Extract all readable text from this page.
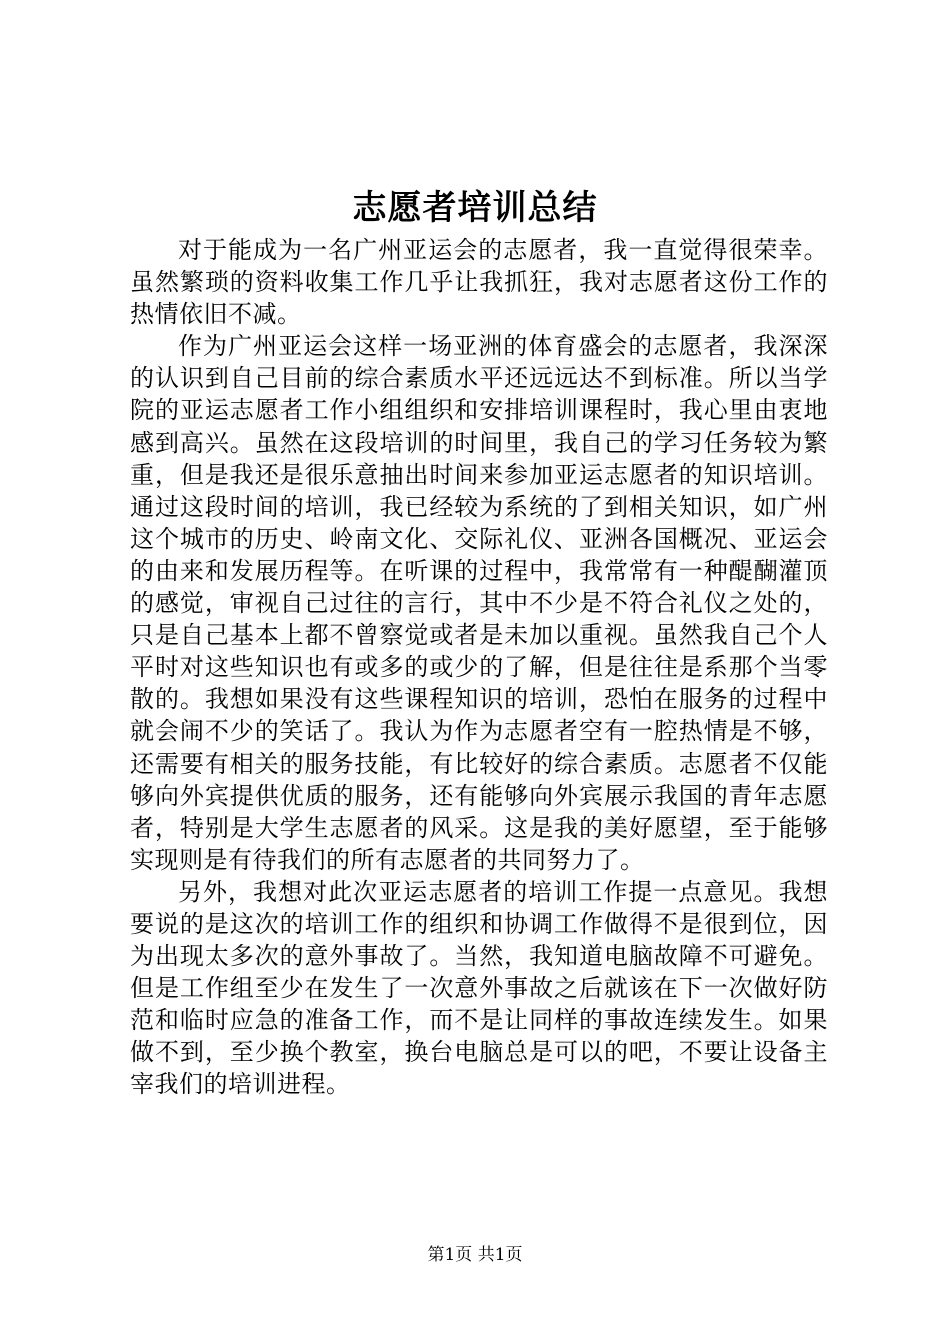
志愿者培训总结

对于能成为一名广州亚运会的志愿者，我一直觉得很荣幸。虽然繁琐的资料收集工作几乎让我抓狂，我对志愿者这份工作的热情依旧不减。

作为广州亚运会这样一场亚洲的体育盛会的志愿者，我深深的认识到自己目前的综合素质水平还远远达不到标准。所以当学院的亚运志愿者工作小组组织和安排培训课程时，我心里由衷地感到高兴。虽然在这段培训的时间里，我自己的学习任务较为繁重，但是我还是很乐意抽出时间来参加亚运志愿者的知识培训。通过这段时间的培训，我已经较为系统的了到相关知识，如广州这个城市的历史、岭南文化、交际礼仪、亚洲各国概况、亚运会的由来和发展历程等。在听课的过程中，我常常有一种醍醐灌顶的感觉，审视自己过往的言行，其中不少是不符合礼仪之处的，只是自己基本上都不曾察觉或者是未加以重视。虽然我自己个人平时对这些知识也有或多的或少的了解，但是往往是系那个当零散的。我想如果没有这些课程知识的培训，恐怕在服务的过程中就会闹不少的笑话了。我认为作为志愿者空有一腔热情是不够，还需要有相关的服务技能，有比较好的综合素质。志愿者不仅能够向外宾提供优质的服务，还有能够向外宾展示我国的青年志愿者，特别是大学生志愿者的风采。这是我的美好愿望，至于能够实现则是有待我们的所有志愿者的共同努力了。

另外，我想对此次亚运志愿者的培训工作提一点意见。我想要说的是这次的培训工作的组织和协调工作做得不是很到位，因为出现太多次的意外事故了。当然，我知道电脑故障不可避免。但是工作组至少在发生了一次意外事故之后就该在下一次做好防范和临时应急的准备工作，而不是让同样的事故连续发生。如果做不到，至少换个教室，换台电脑总是可以的吧，不要让设备主宰我们的培训进程。

第1页 共1页
